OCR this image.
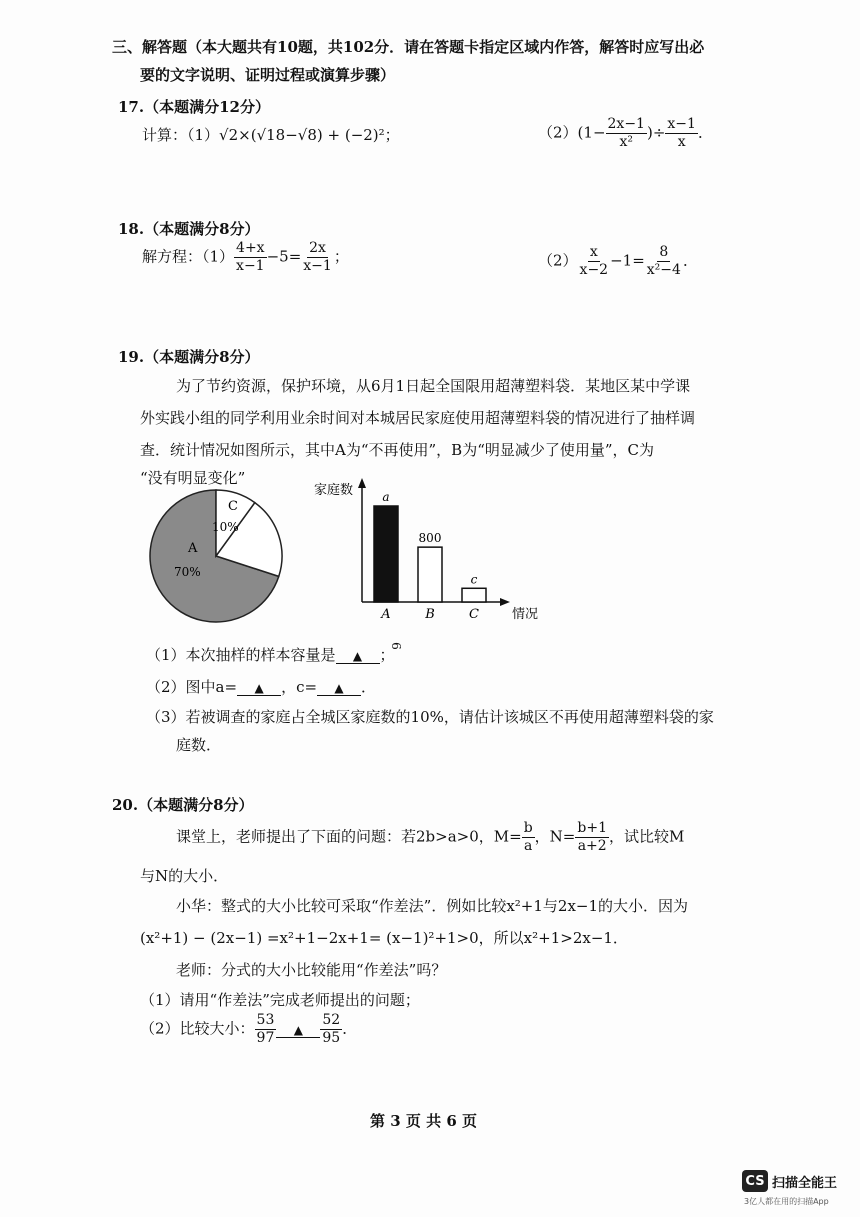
三、解答题（本大题共有10题，共102分．请在答题卡指定区域内作答，解答时应写出必
要的文字说明、证明过程或演算步骤）
17.（本题满分12分）
计算：（1）√2×(√18−√8) + (−2)²；	$(2)(1- \frac{2x-1}{\text{x²}}$ )÷ $\frac{x-1}{x}$ ．
18.（本题满分8分）
解方程：$(1) \frac{4+x}{x-1} -5= \frac{2x}{x-1}$ ；	$(2) \frac{x}{x-2} -1= \frac{8}{\text{x²−4}}$ ．
19.（本题满分8分）
为了节约资源，保护环境，从6月1日起全国限用超薄塑料袋．某地区某中学课
外实践小组的同学利用业余时间对本城居民家庭使用超薄塑料袋的情况进行了抽样调
查．统计情况如图所示，其中A为“不再使用”，B为“明显减少了使用量”，C为
“没有明显变化”
C
10%
A
70%
家庭数
情况
a
A
800
B
c
C
6
（1）本次抽样的样本容量是 ▲ ；
（2）图中a= ▲ ，c= ▲ ．
（3）若被调查的家庭占全城区家庭数的10%，请估计该城区不再使用超薄塑料袋的家
庭数．
20.（本题满分8分）
课堂上，老师提出了下面的问题：若2b>a>0，$M= \frac{b}{a}$ ，$N= \frac{b+1}{a+2}$ ，试比较M
与N的大小．
小华：整式的大小比较可采取“作差法”．例如比较x²+1与2x−1的大小．因为
(x²+1) − (2x−1) =x²+1−2x+1= (x−1)²+1>0，所以x²+1>2x−1．
老师：分式的大小比较能用“作差法”吗？
（1）请用“作差法”完成老师提出的问题；
（2）比较大小： $\frac{53}{97}$ ▲ $\frac{52}{95}$ ．
第 3 页 共 6 页
CS 扫描全能王
3亿人都在用的扫描App
